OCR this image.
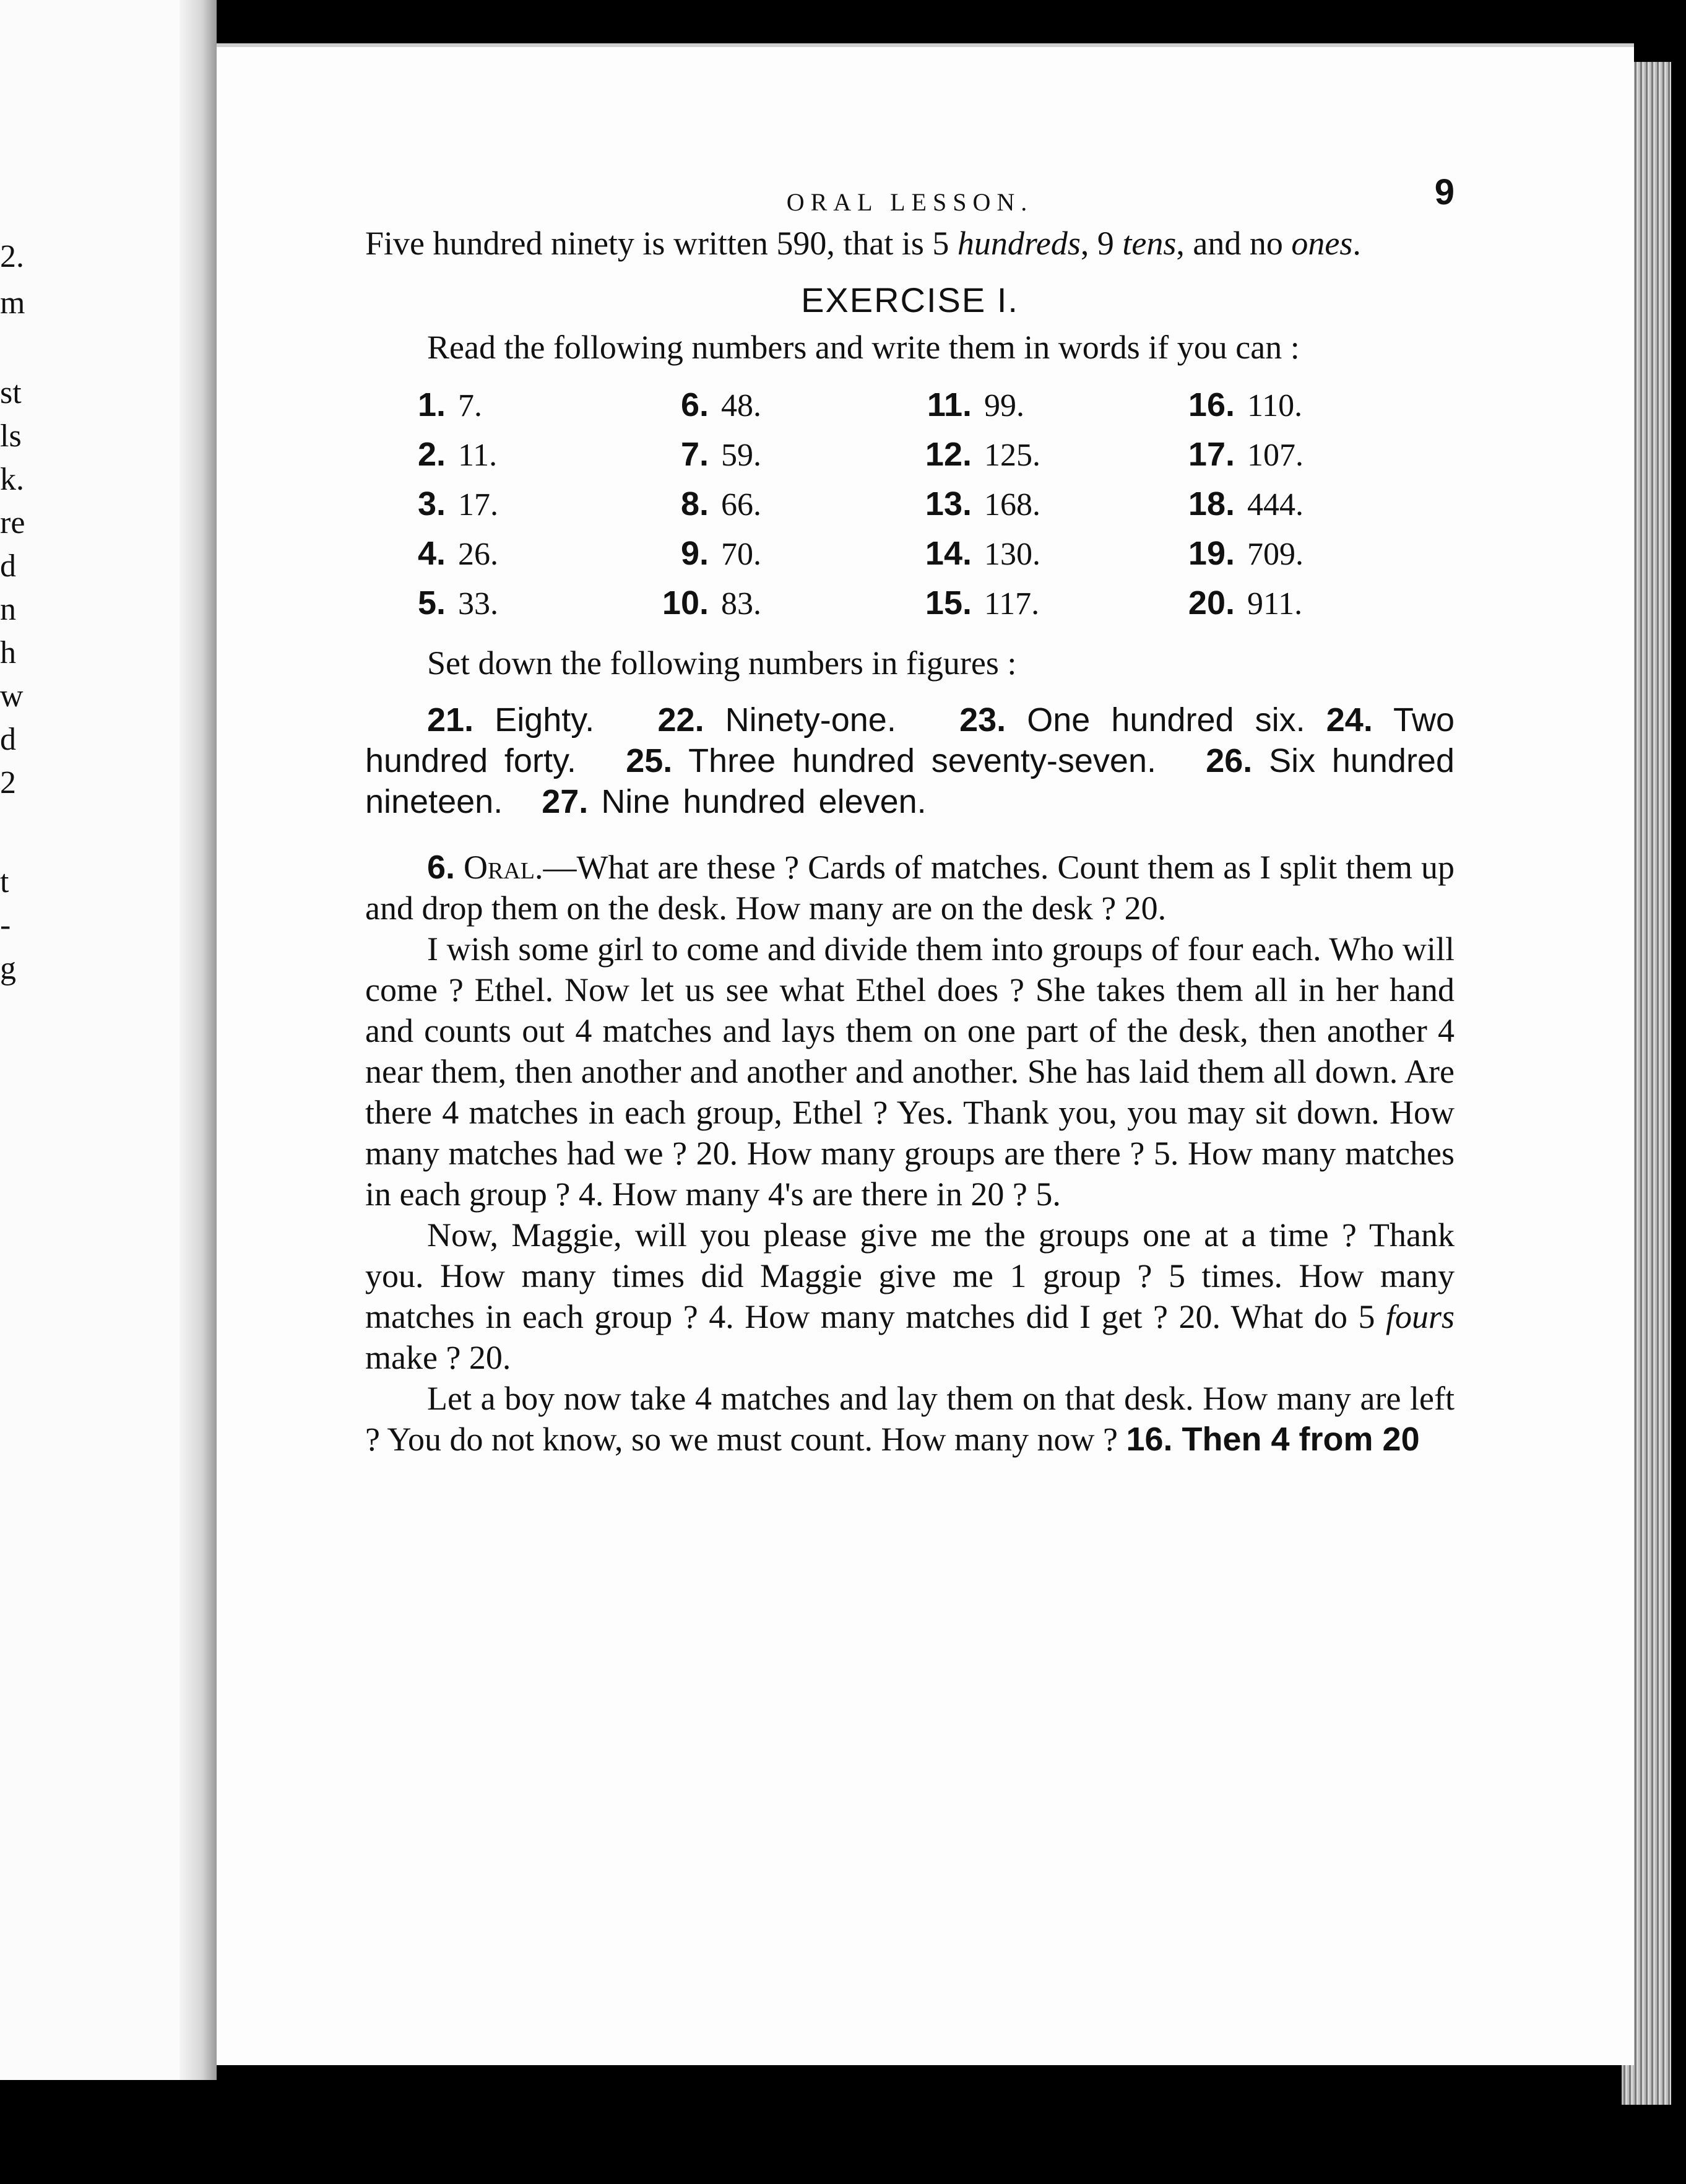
2.
m
st
ls
k.
re
d
n
h
w
d
2
t
-
g
ORAL LESSON.	9

Five hundred ninety is written 590, that is 5 hundreds, 9 tens, and no ones.

EXERCISE I.

Read the following numbers and write them in words if you can :

1. 7.
2. 11.
3. 17.
4. 26.
5. 33.
6. 48.
7. 59.
8. 66.
9. 70.
10. 83.
11. 99.
12. 125.
13. 168.
14. 130.
15. 117.
16. 110.
17. 107.
18. 444.
19. 709.
20. 911.

Set down the following numbers in figures :

21. Eighty. 22. Ninety-one. 23. One hundred six. 24. Two hundred forty. 25. Three hundred seventy-seven. 26. Six hundred nineteen. 27. Nine hundred eleven.

6. Oral.—What are these ? Cards of matches. Count them as I split them up and drop them on the desk. How many are on the desk ? 20.

I wish some girl to come and divide them into groups of four each. Who will come ? Ethel. Now let us see what Ethel does ? She takes them all in her hand and counts out 4 matches and lays them on one part of the desk, then another 4 near them, then another and another and another. She has laid them all down. Are there 4 matches in each group, Ethel ? Yes. Thank you, you may sit down. How many matches had we ? 20. How many groups are there ? 5. How many matches in each group ? 4. How many 4's are there in 20 ? 5.

Now, Maggie, will you please give me the groups one at a time ? Thank you. How many times did Maggie give me 1 group ? 5 times. How many matches in each group ? 4. How many matches did I get ? 20. What do 5 fours make ? 20.

Let a boy now take 4 matches and lay them on that desk. How many are left ? You do not know, so we must count. How many now ? 16. Then 4 from 20
